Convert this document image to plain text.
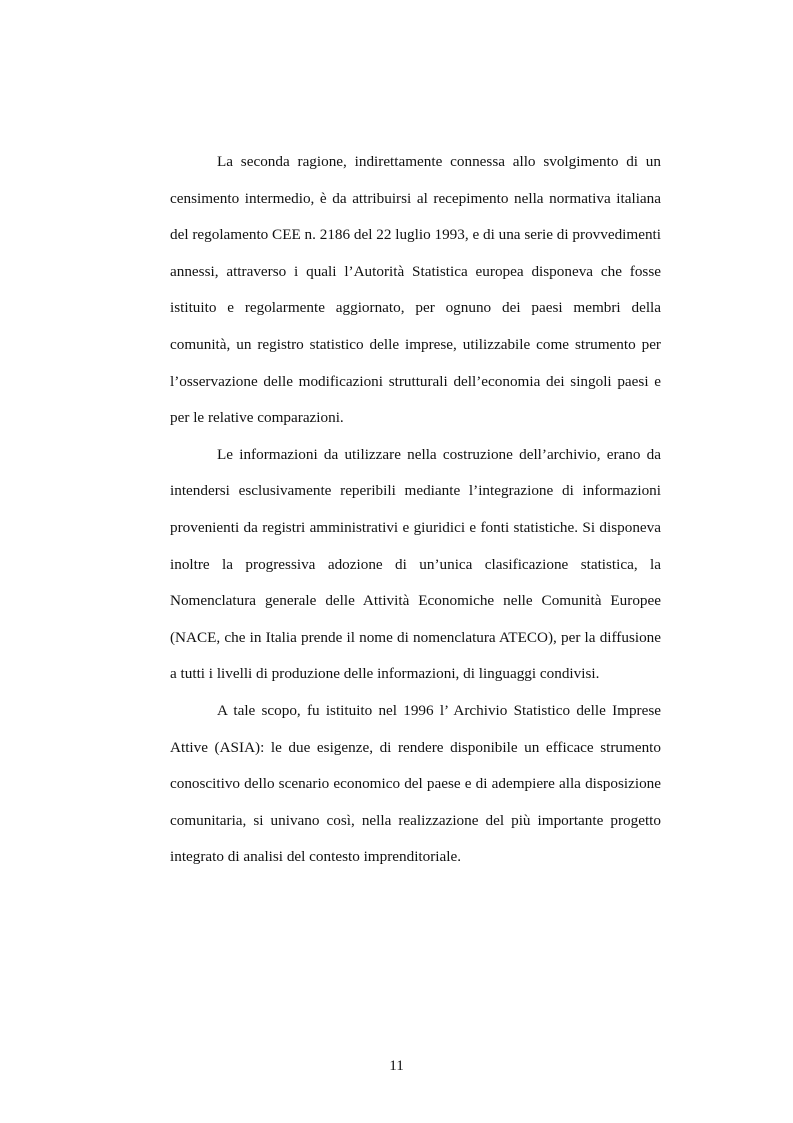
La seconda ragione, indirettamente connessa allo svolgimento di un censimento intermedio, è da attribuirsi al recepimento nella normativa italiana del regolamento CEE n. 2186 del 22 luglio 1993, e di una serie di provvedimenti annessi, attraverso i quali l’Autorità Statistica europea disponeva che fosse istituito e regolarmente aggiornato, per ognuno dei paesi membri della comunità, un registro statistico delle imprese, utilizzabile come strumento per l’osservazione delle modificazioni strutturali dell’economia dei singoli paesi e per le relative comparazioni.

Le informazioni da utilizzare nella costruzione dell’archivio, erano da intendersi esclusivamente reperibili mediante l’integrazione di informazioni provenienti da registri amministrativi e giuridici e fonti statistiche. Si disponeva inoltre la progressiva adozione di un’unica clasificazione statistica, la Nomenclatura generale delle Attività Economiche nelle Comunità Europee (NACE, che in Italia prende il nome di nomenclatura ATECO), per la diffusione a tutti i livelli di produzione delle informazioni, di linguaggi condivisi.

A tale scopo, fu istituito nel 1996 l’ Archivio Statistico delle Imprese Attive (ASIA): le due esigenze, di rendere disponibile un efficace strumento conoscitivo dello scenario economico del paese e di adempiere alla disposizione comunitaria, si univano così, nella realizzazione del più importante progetto integrato di analisi del contesto imprenditoriale.

11
